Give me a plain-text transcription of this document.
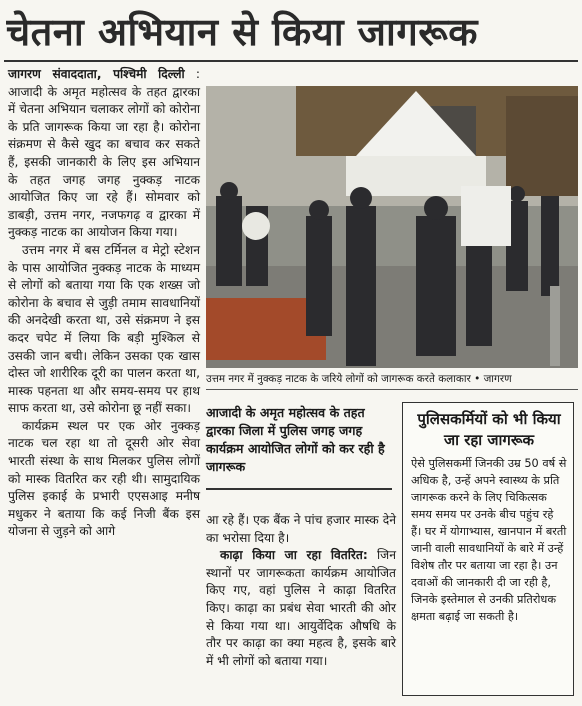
चेतना अभियान से किया जागरूक

जागरण संवाददाता, पश्चिमी दिल्ली : आजादी के अमृत महोत्सव के तहत द्वारका में चेतना अभियान चलाकर लोगों को कोरोना के प्रति जागरूक किया जा रहा है। कोरोना संक्रमण से कैसे खुद का बचाव कर सकते हैं, इसकी जानकारी के लिए इस अभियान के तहत जगह जगह नुक्कड़ नाटक आयोजित किए जा रहे हैं। सोमवार को डाबड़ी, उत्तम नगर, नजफगढ़ व द्वारका में नुक्कड़ नाटक का आयोजन किया गया।

उत्तम नगर में बस टर्मिनल व मेट्रो स्टेशन के पास आयोजित नुक्कड़ नाटक के माध्यम से लोगों को बताया गया कि एक शख्स जो कोरोना के बचाव से जुड़ी तमाम सावधानियों की अनदेखी करता था, उसे संक्रमण ने इस कदर चपेट में लिया कि बड़ी मुश्किल से उसकी जान बची। लेकिन उसका एक खास दोस्त जो शारीरिक दूरी का पालन करता था, मास्क पहनता था और समय-समय पर हाथ साफ करता था, उसे कोरोना छू नहीं सका।

कार्यक्रम स्थल पर एक ओर नुक्कड़ नाटक चल रहा था तो दूसरी ओर सेवा भारती संस्था के साथ मिलकर पुलिस लोगों को मास्क वितरित कर रही थी। सामुदायिक पुलिस इकाई के प्रभारी एएसआइ मनीष मधुकर ने बताया कि कई निजी बैंक इस योजना से जुड़ने को आगे

उत्तम नगर में नुक्कड़ नाटक के जरिये लोगों को जागरूक करते कलाकार • जागरण
आजादी के अमृत महोत्सव के तहत द्वारका जिला में पुलिस जगह जगह कार्यक्रम आयोजित लोगों को कर रही है जागरूक

आ रहे हैं। एक बैंक ने पांच हजार मास्क देने का भरोसा दिया है।

काढ़ा किया जा रहा वितरित: जिन स्थानों पर जागरूकता कार्यक्रम आयोजित किए गए, वहां पुलिस ने काढ़ा वितरित किए। काढ़ा का प्रबंध सेवा भारती की ओर से किया गया था। आयुर्वेदिक औषधि के तौर पर काढ़ा का क्या महत्व है, इसके बारे में भी लोगों को बताया गया।

पुलिसकर्मियों को भी किया जा रहा जागरूक
ऐसे पुलिसकर्मी जिनकी उम्र 50 वर्ष से अधिक है, उन्हें अपने स्वास्थ्य के प्रति जागरूक करने के लिए चिकित्सक समय समय पर उनके बीच पहुंच रहे हैं। घर में योगाभ्यास, खानपान में बरती जानी वाली सावधानियों के बारे में उन्हें विशेष तौर पर बताया जा रहा है। उन दवाओं की जानकारी दी जा रही है, जिनके इस्तेमाल से उनकी प्रतिरोधक क्षमता बढ़ाई जा सकती है।
